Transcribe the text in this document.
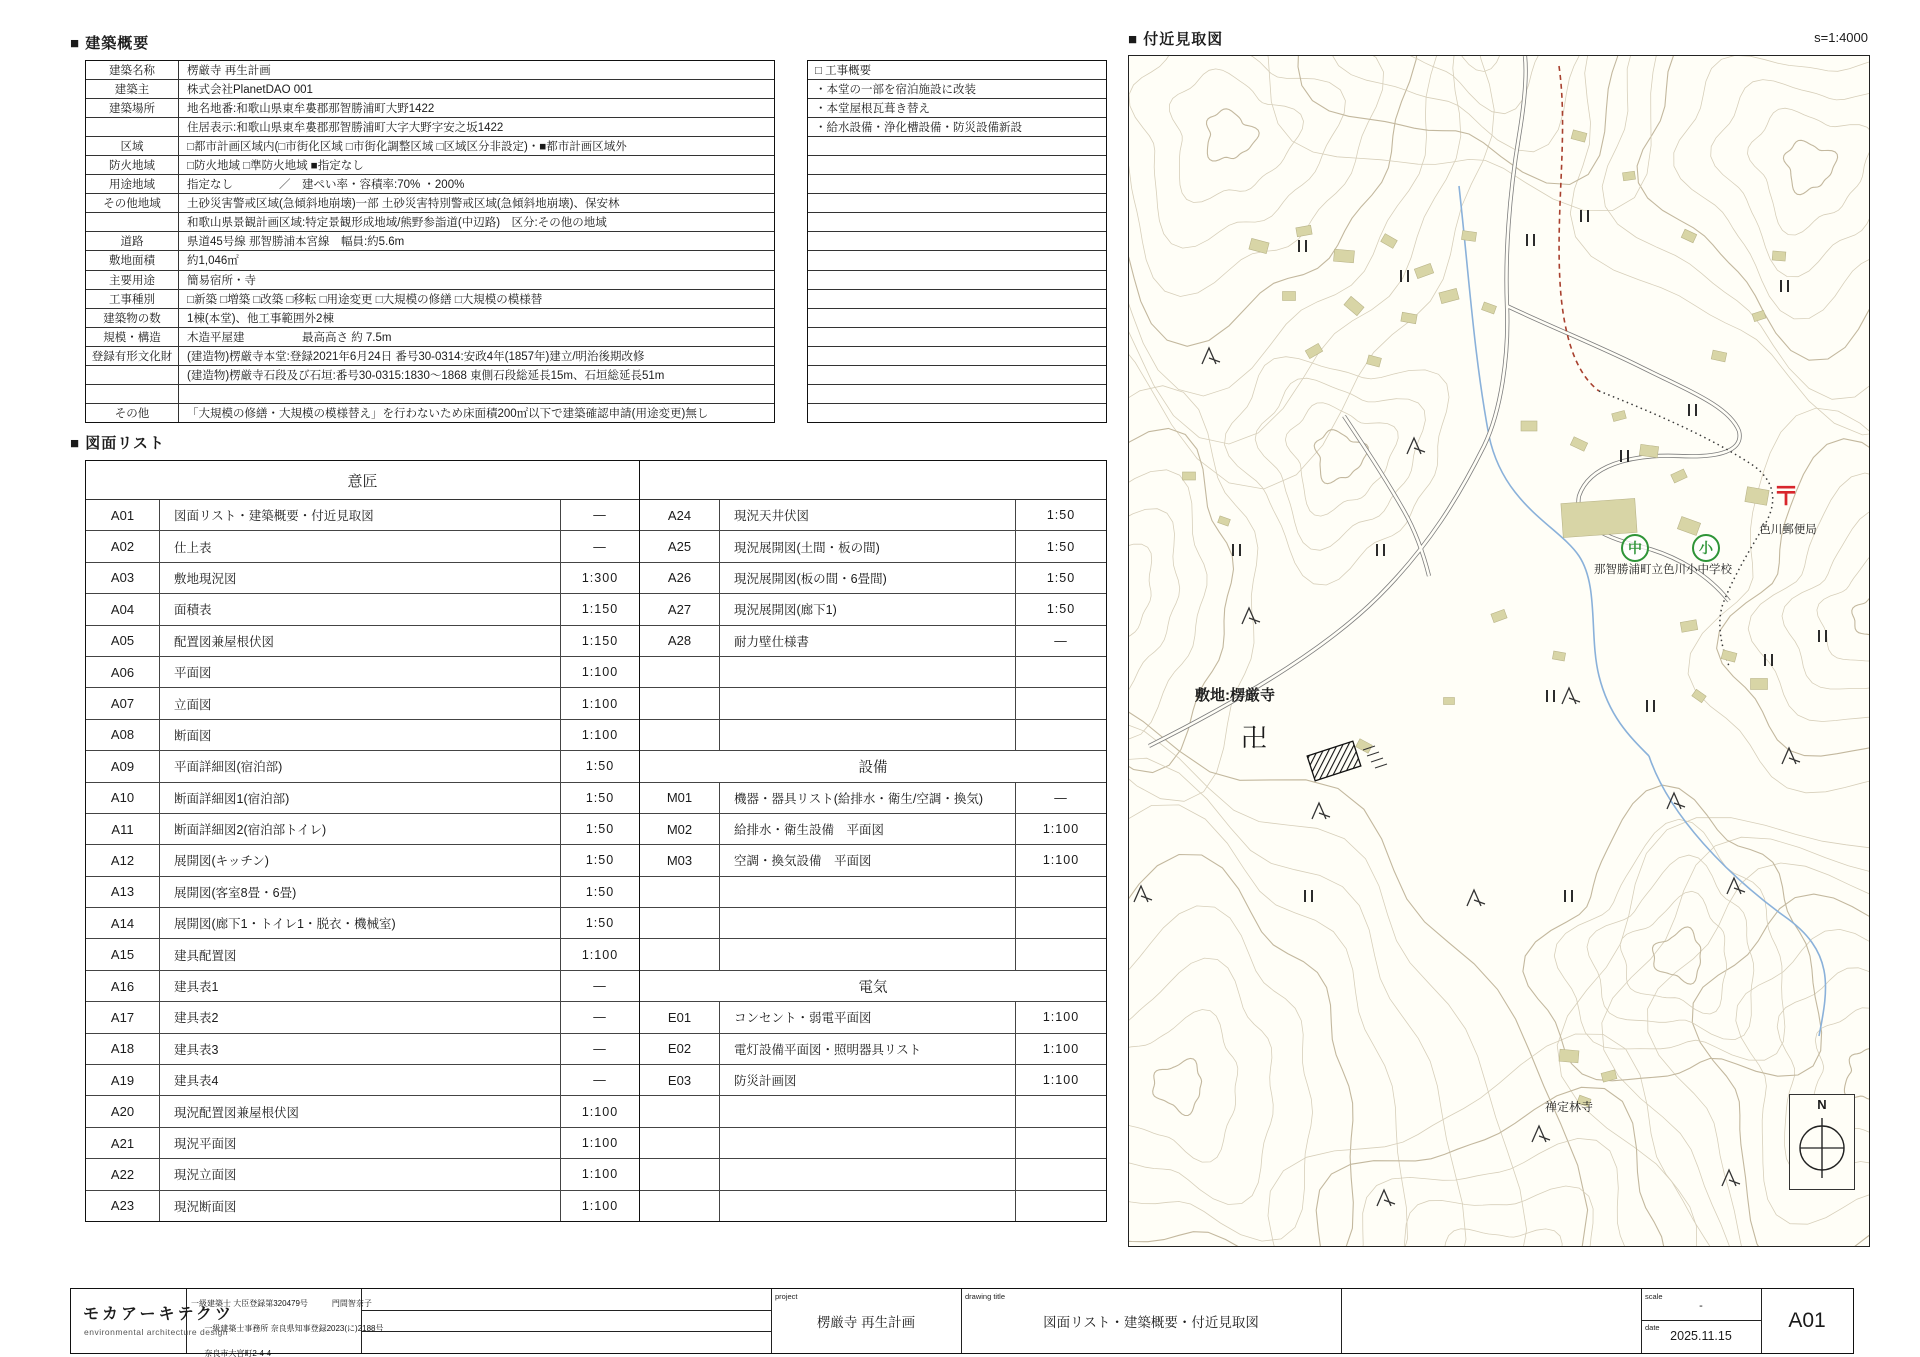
■ 建築概要
■ 図面リスト
■ 付近見取図	s=1:4000
建築名称	楞厳寺 再生計画
建築主	株式会社PlanetDAO 001
建築場所	地名地番:和歌山県東牟婁郡那智勝浦町大野1422
住居表示:和歌山県東牟婁郡那智勝浦町大字大野字安之坂1422
区域	□都市計画区域内(□市街化区域 □市街化調整区域 □区域区分非設定)・■都市計画区域外
防火地域	□防火地域 □準防火地域 ■指定なし
用途地域	指定なし　　　　／　建ぺい率・容積率:70% ・200%
その他地域	土砂災害警戒区域(急傾斜地崩壊)一部 土砂災害特別警戒区域(急傾斜地崩壊)、保安林
和歌山県景観計画区域:特定景観形成地域/熊野参詣道(中辺路)　区分:その他の地域
道路	県道45号線 那智勝浦本宮線　幅員:約5.6m
敷地面積	約1,046㎡
主要用途	簡易宿所・寺
工事種別	□新築 □増築 □改築 □移転 □用途変更 □大規模の修繕 □大規模の模様替
建築物の数	1棟(本堂)、他工事範囲外2棟
規模・構造	木造平屋建　　　　　最高高さ 約 7.5m
登録有形文化財	(建造物)楞厳寺本堂:登録2021年6月24日 番号30-0314:安政4年(1857年)建立/明治後期改修
(建造物)楞厳寺石段及び石垣:番号30-0315:1830〜1868 東側石段総延長15m、石垣総延長51m
その他	「大規模の修繕・大規模の模様替え」を行わないため床面積200㎡以下で建築確認申請(用途変更)無し
□ 工事概要
・本堂の一部を宿泊施設に改装
・本堂屋根瓦葺き替え
・給水設備・浄化槽設備・防災設備新設
意匠
A01	図面リスト・建築概要・付近見取図	—
A02	仕上表	—
A03	敷地現況図	1:300
A04	面積表	1:150
A05	配置図兼屋根伏図	1:150
A06	平面図	1:100
A07	立面図	1:100
A08	断面図	1:100
A09	平面詳細図(宿泊部)	1:50
A10	断面詳細図1(宿泊部)	1:50
A11	断面詳細図2(宿泊部トイレ)	1:50
A12	展開図(キッチン)	1:50
A13	展開図(客室8畳・6畳)	1:50
A14	展開図(廊下1・トイレ1・脱衣・機械室)	1:50
A15	建具配置図	1:100
A16	建具表1	—
A17	建具表2	—
A18	建具表3	—
A19	建具表4	—
A20	現況配置図兼屋根伏図	1:100
A21	現況平面図	1:100
A22	現況立面図	1:100
A23	現況断面図	1:100
A24	現況天井伏図	1:50
A25	現況展開図(土間・板の間)	1:50
A26	現況展開図(板の間・6畳間)	1:50
A27	現況展開図(廊下1)	1:50
A28	耐力壁仕様書	—
設備
M01	機器・器具リスト(給排水・衛生/空調・換気)	—
M02	給排水・衛生設備　平面図	1:100
M03	空調・換気設備　平面図	1:100
電気
E01	コンセント・弱電平面図	1:100
E02	電灯設備平面図・照明器具リスト	1:100
E03	防災計画図	1:100
敷地:楞厳寺
卍
中	小
那智勝浦町立色川小中学校
〒
色川郵便局
禅定林寺	N
モカアーキテクツ
environmental architecture design
一級建築士 大臣登録第320479号　　　門間智奈子

一級建築士事務所 奈良県知事登録2023(に)2188号

奈良市大宮町2-4-4
project
楞厳寺 再生計画
drawing title
図面リスト・建築概要・付近見取図
scale
-
date
2025.11.15
A01
